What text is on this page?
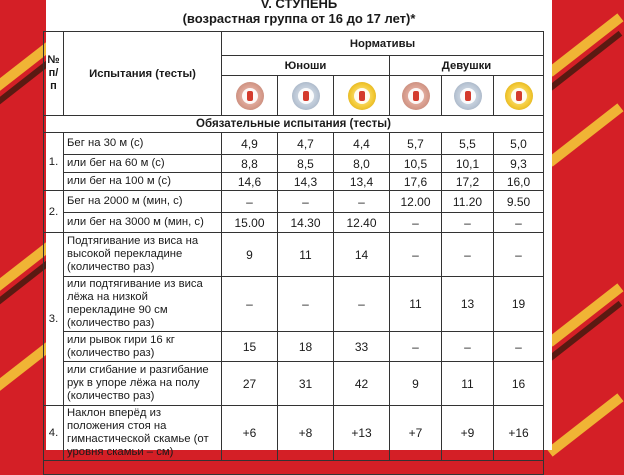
V. СТУПЕНЬ
(возрастная группа от 16 до 17 лет)*
№ п/п	Испытания (тесты)	Нормативы					
		Юноши			Девушки		

Обязательные испытания (тесты)							
1.	Бег на 30 м (с)	4,9	4,7	4,4	5,7	5,5	5,0
	или бег на 60 м (с)	8,8	8,5	8,0	10,5	10,1	9,3
	или бег на 100 м (с)	14,6	14,3	13,4	17,6	17,2	16,0
2.	Бег на 2000 м (мин, с)	–	–	–	12.00	11.20	9.50
	или бег на 3000 м (мин, с)	15.00	14.30	12.40	–	–	–
3.	Подтягивание из виса на высокой перекладине (количество раз)	9	11	14	–	–	–
	или подтягивание из виса лёжа на низкой перекладине 90 см (количество раз)	–	–	–	11	13	19
	или рывок гири 16 кг (количество раз)	15	18	33	–	–	–
	или сгибание и разгибание рук в упоре лёжа на полу (количество раз)	27	31	42	9	11	16
4.	Наклон вперёд из положения стоя на гимнастической скамье (от уровня скамьи – см)	+6	+8	+13	+7	+9	+16
